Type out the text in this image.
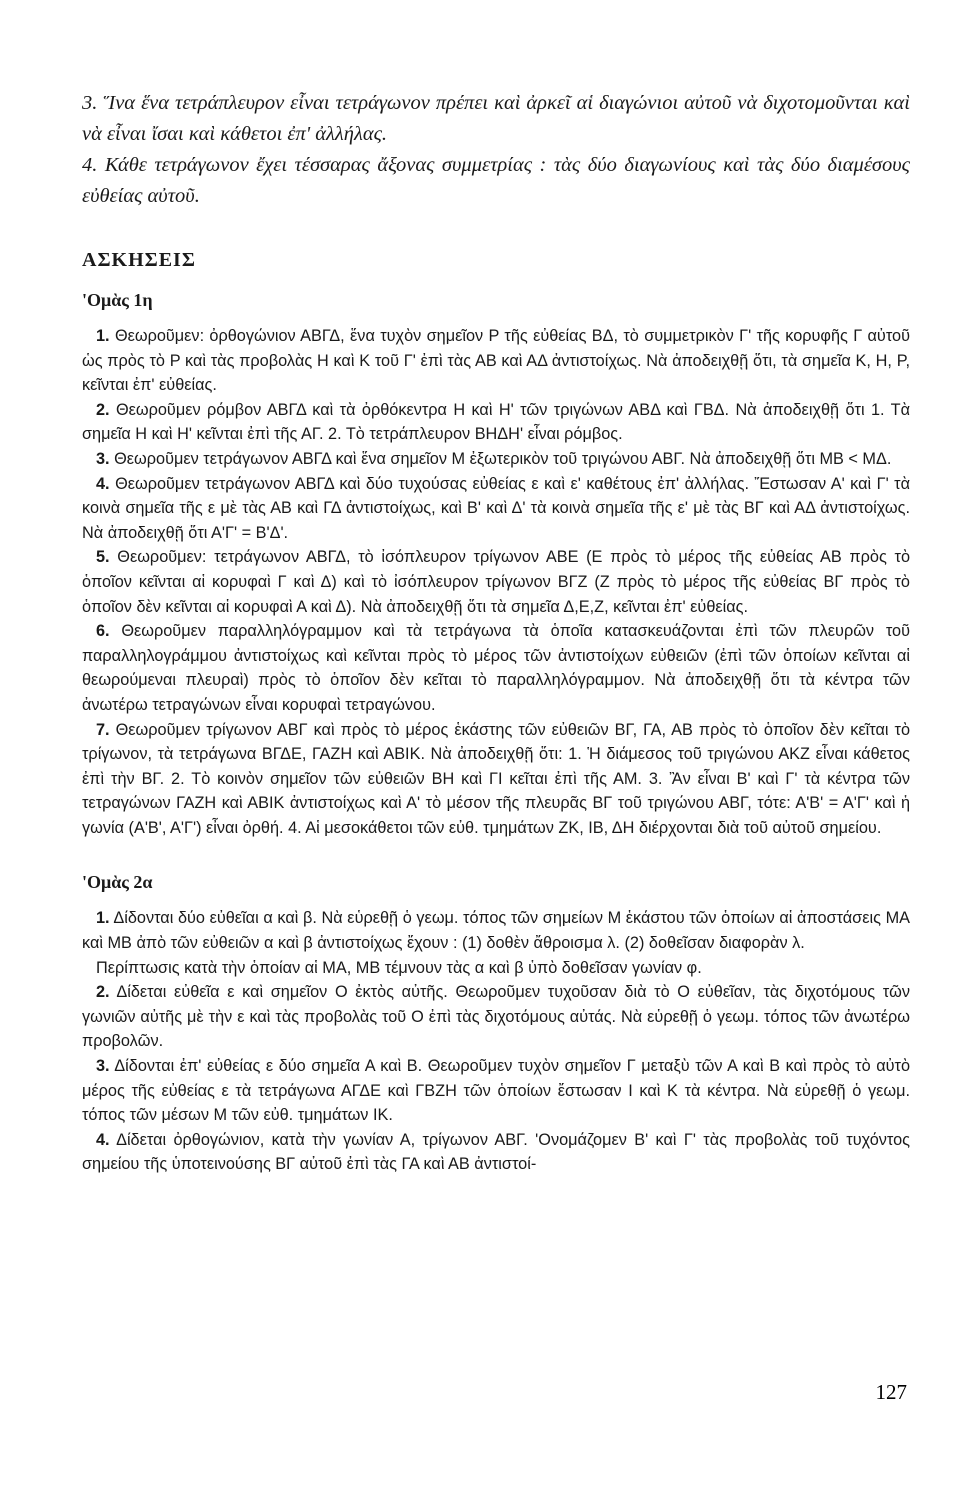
3. Ἵνα ἕνα τετράπλευρον εἶναι τετράγωνον πρέπει καὶ ἀρκεῖ αἱ διαγώνιοι αὐτοῦ νὰ διχοτομοῦνται καὶ νὰ εἶναι ἴσαι καὶ κάθετοι ἐπ' ἀλλήλας.

4. Κάθε τετράγωνον ἔχει τέσσαρας ἄξονας συμμετρίας : τὰς δύο διαγωνίους καὶ τὰς δύο διαμέσους εὐθείας αὐτοῦ.

ΑΣΚΗΣΕΙΣ
'Ομὰς 1η

1. Θεωροῦμεν: ὀρθογώνιον ΑΒΓΔ, ἕνα τυχὸν σημεῖον Ρ τῆς εὐθείας ΒΔ, τὸ συμμετρικὸν Γ' τῆς κορυφῆς Γ αὐτοῦ ὡς πρὸς τὸ Ρ καὶ τὰς προβολὰς Η καὶ Κ τοῦ Γ' ἐπὶ τὰς ΑΒ καὶ ΑΔ ἀντιστοίχως. Νὰ ἀποδειχθῇ ὅτι, τὰ σημεῖα Κ, Η, Ρ, κεῖνται ἐπ' εὐθείας.

2. Θεωροῦμεν ρόμβον ΑΒΓΔ καὶ τὰ ὀρθόκεντρα Η καὶ Η' τῶν τριγώνων ΑΒΔ καὶ ΓΒΔ. Νὰ ἀποδειχθῇ ὅτι 1. Τὰ σημεῖα Η καὶ Η' κεῖνται ἐπὶ τῆς ΑΓ. 2. Τὸ τετράπλευρον ΒΗΔΗ' εἶναι ρόμβος.

3. Θεωροῦμεν τετράγωνον ΑΒΓΔ καὶ ἕνα σημεῖον Μ ἐξωτερικὸν τοῦ τριγώνου ΑΒΓ. Νὰ ἀποδειχθῇ ὅτι ΜΒ < ΜΔ.

4. Θεωροῦμεν τετράγωνον ΑΒΓΔ καὶ δύο τυχούσας εὐθείας ε καὶ ε' καθέτους ἐπ' ἀλλήλας. Ἔστωσαν Α' καὶ Γ' τὰ κοινὰ σημεῖα τῆς ε μὲ τὰς ΑΒ καὶ ΓΔ ἀντιστοίχως, καὶ Β' καὶ Δ' τὰ κοινὰ σημεῖα τῆς ε' μὲ τὰς ΒΓ καὶ ΑΔ ἀντιστοίχως. Νὰ ἀποδειχθῇ ὅτι Α'Γ' = Β'Δ'.

5. Θεωροῦμεν: τετράγωνον ΑΒΓΔ, τὸ ἰσόπλευρον τρίγωνον ΑΒΕ (Ε πρὸς τὸ μέρος τῆς εὐθείας ΑΒ πρὸς τὸ ὁποῖον κεῖνται αἱ κορυφαὶ Γ καὶ Δ) καὶ τὸ ἰσόπλευρον τρίγωνον ΒΓΖ (Ζ πρὸς τὸ μέρος τῆς εὐθείας ΒΓ πρὸς τὸ ὁποῖον δὲν κεῖνται αἱ κορυφαὶ Α καὶ Δ). Νὰ ἀποδειχθῇ ὅτι τὰ σημεῖα Δ,Ε,Ζ, κεῖνται ἐπ' εὐθείας.

6. Θεωροῦμεν παραλληλόγραμμον καὶ τὰ τετράγωνα τὰ ὁποῖα κατασκευάζονται ἐπὶ τῶν πλευρῶν τοῦ παραλληλογράμμου ἀντιστοίχως καὶ κεῖνται πρὸς τὸ μέρος τῶν ἀντιστοίχων εὐθειῶν (ἐπὶ τῶν ὁποίων κεῖνται αἱ θεωρούμεναι πλευραὶ) πρὸς τὸ ὁποῖον δὲν κεῖται τὸ παραλληλόγραμμον. Νὰ ἀποδειχθῇ ὅτι τὰ κέντρα τῶν ἀνωτέρω τετραγώνων εἶναι κορυφαὶ τετραγώνου.

7. Θεωροῦμεν τρίγωνον ΑΒΓ καὶ πρὸς τὸ μέρος ἑκάστης τῶν εὐθειῶν ΒΓ, ΓΑ, ΑΒ πρὸς τὸ ὁποῖον δὲν κεῖται τὸ τρίγωνον, τὰ τετράγωνα ΒΓΔΕ, ΓΑΖΗ καὶ ΑΒΙΚ. Νὰ ἀποδειχθῇ ὅτι: 1. Ἡ διάμεσος τοῦ τριγώνου ΑΚΖ εἶναι κάθετος ἐπὶ τὴν ΒΓ. 2. Τὸ κοινὸν σημεῖον τῶν εὐθειῶν ΒΗ καὶ ΓΙ κεῖται ἐπὶ τῆς ΑΜ. 3. Ἂν εἶναι Β' καὶ Γ' τὰ κέντρα τῶν τετραγώνων ΓΑΖΗ καὶ ΑΒΙΚ ἀντιστοίχως καὶ Α' τὸ μέσον τῆς πλευρᾶς ΒΓ τοῦ τριγώνου ΑΒΓ, τότε: Α'Β' = Α'Γ' καὶ ἡ γωνία (Α'Β', Α'Γ') εἶναι ὀρθή. 4. Αἱ μεσοκάθετοι τῶν εὐθ. τμημάτων ΖΚ, ΙΒ, ΔΗ διέρχονται διὰ τοῦ αὐτοῦ σημείου.

'Ομὰς 2α

1. Δίδονται δύο εὐθεῖαι α καὶ β. Νὰ εὑρεθῇ ὁ γεωμ. τόπος τῶν σημείων Μ ἑκάστου τῶν ὁποίων αἱ ἀποστάσεις ΜΑ καὶ ΜΒ ἀπὸ τῶν εὐθειῶν α καὶ β ἀντιστοίχως ἔχουν : (1) δοθὲν ἄθροισμα λ. (2) δοθεῖσαν διαφορὰν λ.

Περίπτωσις κατὰ τὴν ὁποίαν αἱ ΜΑ, ΜΒ τέμνουν τὰς α καὶ β ὑπὸ δοθεῖσαν γωνίαν φ.

2. Δίδεται εὐθεῖα ε καὶ σημεῖον Ο ἐκτὸς αὐτῆς. Θεωροῦμεν τυχοῦσαν διὰ τὸ Ο εὐθεῖαν, τὰς διχοτόμους τῶν γωνιῶν αὐτῆς μὲ τὴν ε καὶ τὰς προβολὰς τοῦ Ο ἐπὶ τὰς διχοτόμους αὐτάς. Νὰ εὑρεθῇ ὁ γεωμ. τόπος τῶν ἀνωτέρω προβολῶν.

3. Δίδονται ἐπ' εὐθείας ε δύο σημεῖα Α καὶ Β. Θεωροῦμεν τυχὸν σημεῖον Γ μεταξὺ τῶν Α καὶ Β καὶ πρὸς τὸ αὐτὸ μέρος τῆς εὐθείας ε τὰ τετράγωνα ΑΓΔΕ καὶ ΓΒΖΗ τῶν ὁποίων ἔστωσαν Ι καὶ Κ τὰ κέντρα. Νὰ εὑρεθῇ ὁ γεωμ. τόπος τῶν μέσων Μ τῶν εὐθ. τμημάτων ΙΚ.

4. Δίδεται ὀρθογώνιον, κατὰ τὴν γωνίαν Α, τρίγωνον ΑΒΓ. 'Ονομάζομεν Β' καὶ Γ' τὰς προβολὰς τοῦ τυχόντος σημείου τῆς ὑποτεινούσης ΒΓ αὐτοῦ ἐπὶ τὰς ΓΑ καὶ ΑΒ ἀντιστοί-

127
